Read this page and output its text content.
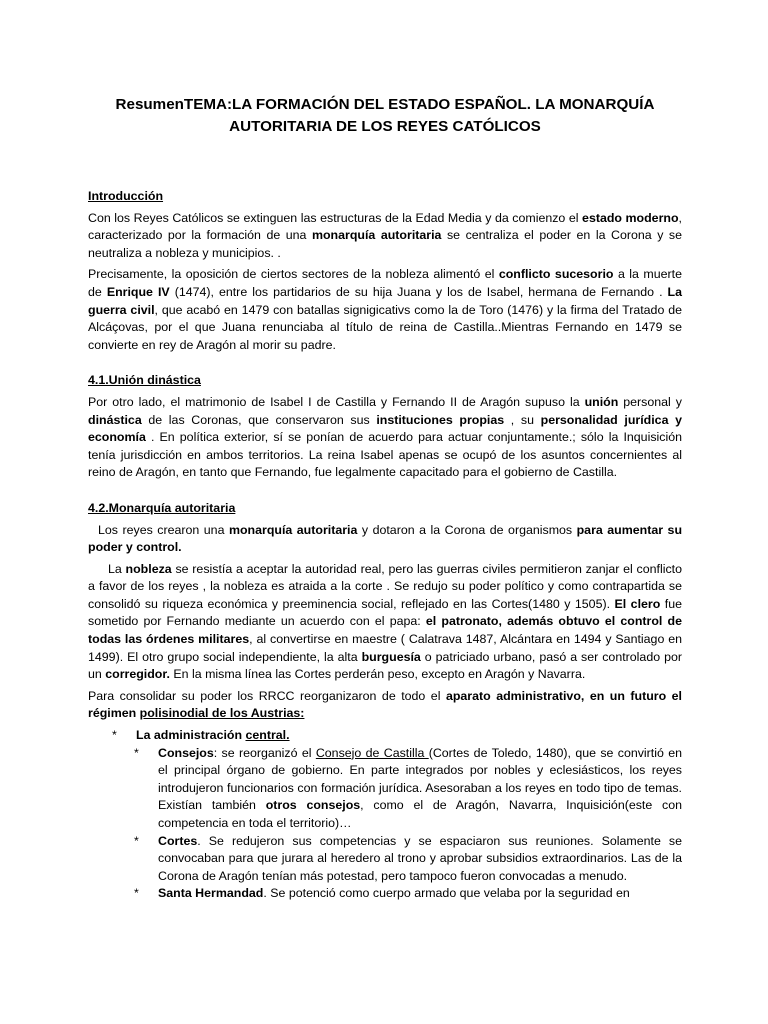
ResumenTEMA:LA FORMACIÓN DEL ESTADO ESPAÑOL. LA MONARQUÍA
AUTORITARIA DE LOS REYES CATÓLICOS
Introducción

Con los Reyes Católicos se extinguen las estructuras de la Edad Media y da comienzo el estado moderno, caracterizado por la formación de una monarquía autoritaria se centraliza el poder en la Corona y se neutraliza a nobleza y municipios. .

Precisamente, la oposición de ciertos sectores de la nobleza alimentó el conflicto sucesorio a la muerte de Enrique IV (1474), entre los partidarios de su hija Juana y los de Isabel, hermana de Fernando . La guerra civil, que acabó en 1479 con batallas signigicativs como la de Toro (1476) y la firma del Tratado de Alcáçovas, por el que Juana renunciaba al título de reina de Castilla..Mientras Fernando en 1479 se convierte en rey de Aragón al morir su padre.

4.1.Unión dinástica

Por otro lado, el matrimonio de Isabel I de Castilla y Fernando II de Aragón supuso la unión personal y dinástica de las Coronas, que conservaron sus instituciones propias , su personalidad jurídica y economía . En política exterior, sí se ponían de acuerdo para actuar conjuntamente.; sólo la Inquisición tenía jurisdicción en ambos territorios. La reina Isabel apenas se ocupó de los asuntos concernientes al reino de Aragón, en tanto que Fernando, fue legalmente capacitado para el gobierno de Castilla.

4.2.Monarquía autoritaria

Los reyes crearon una monarquía autoritaria y dotaron a la Corona de organismos para aumentar su poder y control.

La nobleza se resistía a aceptar la autoridad real, pero las guerras civiles permitieron zanjar el conflicto a favor de los reyes , la nobleza es atraida a la corte . Se redujo su poder político y como contrapartida se consolidó su riqueza económica y preeminencia social, reflejado en las Cortes(1480 y 1505). El clero fue sometido por Fernando mediante un acuerdo con el papa: el patronato, además obtuvo el control de todas las órdenes militares, al convertirse en maestre ( Calatrava 1487, Alcántara en 1494 y Santiago en 1499). El otro grupo social independiente, la alta burguesía o patriciado urbano, pasó a ser controlado por un corregidor. En la misma línea las Cortes perderán peso, excepto en Aragón y Navarra.

Para consolidar su poder los RRCC reorganizaron de todo el aparato administrativo, en un futuro el régimen polisinodial de los Austrias:

* La administración central.
* Consejos: se reorganizó el Consejo de Castilla (Cortes de Toledo, 1480), que se convirtió en el principal órgano de gobierno. En parte integrados por nobles y eclesiásticos, los reyes introdujeron funcionarios con formación jurídica. Asesoraban a los reyes en todo tipo de temas. Existían también otros consejos, como el de Aragón, Navarra, Inquisición(este con competencia en toda el territorio)…
* Cortes. Se redujeron sus competencias y se espaciaron sus reuniones. Solamente se convocaban para que jurara al heredero al trono y aprobar subsidios extraordinarios. Las de la Corona de Aragón tenían más potestad, pero tampoco fueron convocadas a menudo.
* Santa Hermandad. Se potenció como cuerpo armado que velaba por la seguridad en
